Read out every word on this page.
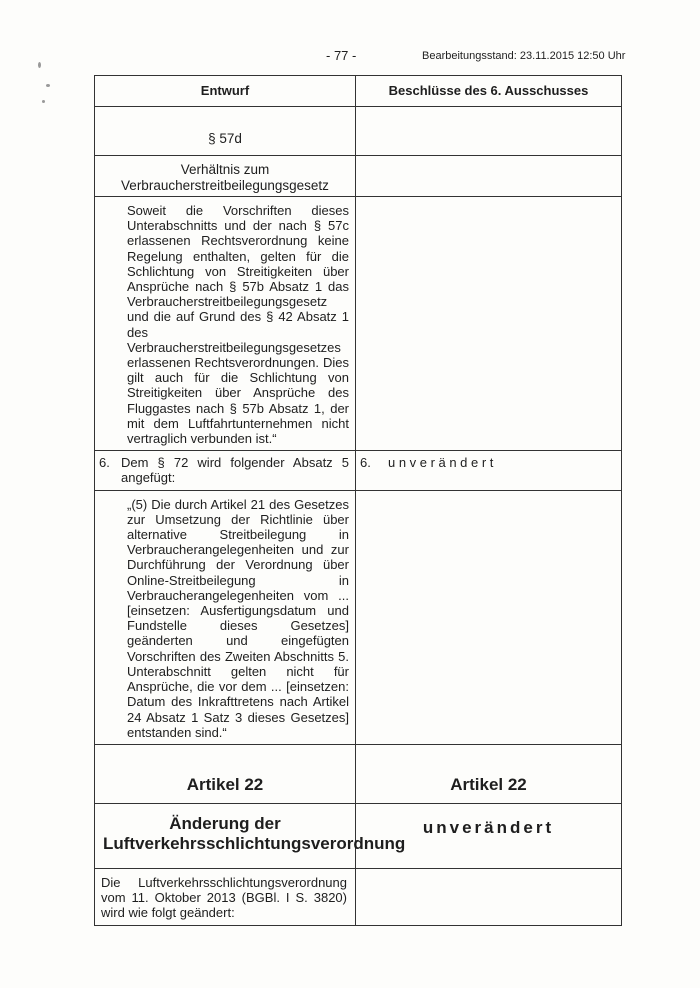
- 77 -	Bearbeitungsstand: 23.11.2015 12:50 Uhr
Entwurf	Beschlüsse des 6. Ausschusses

§ 57d	

Verhältnis zum Verbraucherstreitbeilegungsgesetz	

Soweit die Vorschriften dieses Unterabschnitts und der nach § 57c erlassenen Rechtsverordnung keine Regelung enthalten, gelten für die Schlichtung von Streitigkeiten über Ansprüche nach § 57b Absatz 1 das Verbraucherstreitbeilegungsgesetz und die auf Grund des § 42 Absatz 1 des Verbraucherstreitbeilegungsgesetzes erlassenen Rechtsverordnungen. Dies gilt auch für die Schlichtung von Streitigkeiten über Ansprüche des Fluggastes nach § 57b Absatz 1, der mit dem Luftfahrtunternehmen nicht vertraglich verbunden ist.“	

6. Dem § 72 wird folgender Absatz 5 angefügt:	6. unverändert

„(5) Die durch Artikel 21 des Gesetzes zur Umsetzung der Richtlinie über alternative Streitbeilegung in Verbraucherangelegenheiten und zur Durchführung der Verordnung über Online-Streitbeilegung in Verbraucherangelegenheiten vom ... [einsetzen: Ausfertigungsdatum und Fundstelle dieses Gesetzes] geänderten und eingefügten Vorschriften des Zweiten Abschnitts 5. Unterabschnitt gelten nicht für Ansprüche, die vor dem ... [einsetzen: Datum des Inkrafttretens nach Artikel 24 Absatz 1 Satz 3 dieses Gesetzes] entstanden sind.“	

Artikel 22	Artikel 22

Änderung der Luftverkehrsschlichtungsverordnung	unverändert

Die Luftverkehrsschlichtungsverordnung vom 11. Oktober 2013 (BGBl. I S. 3820) wird wie folgt geändert:	
